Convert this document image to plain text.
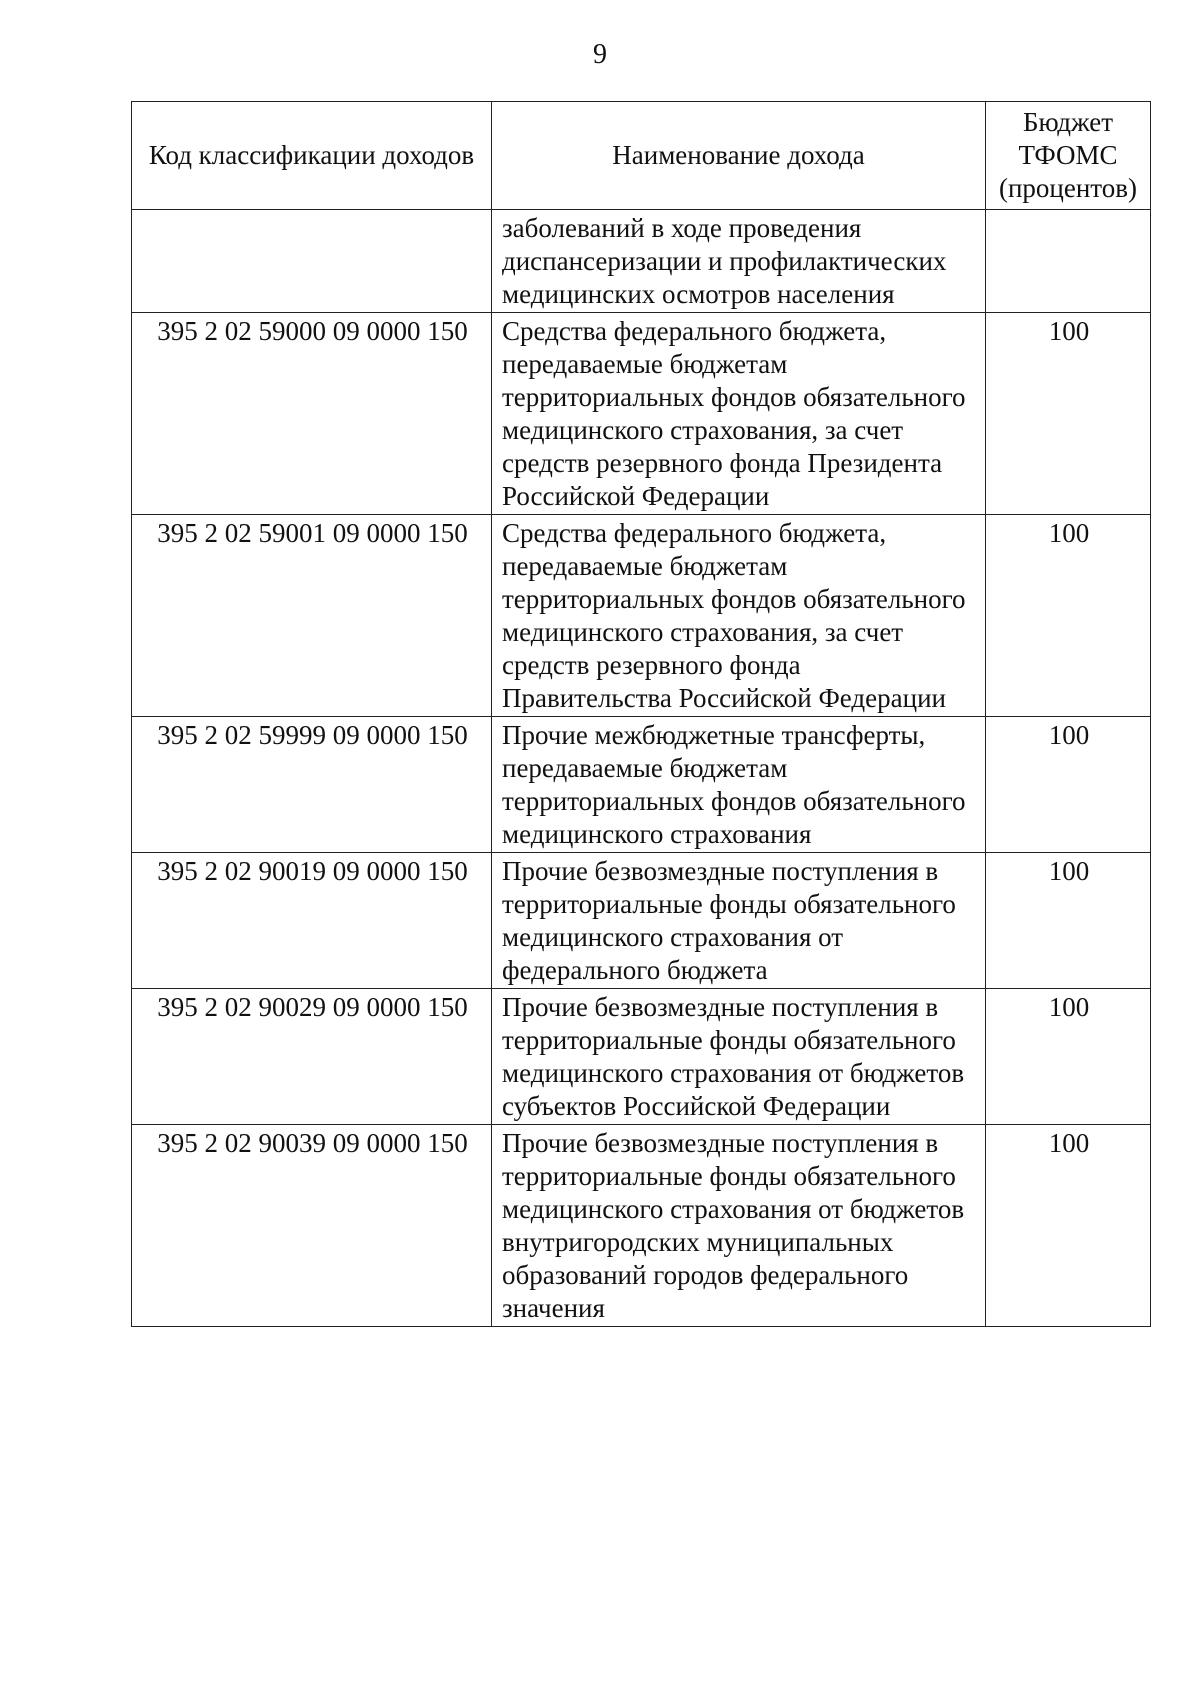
9
Код классификации доходов	Наименование дохода	Бюджет
ТФОМС
(процентов)

	заболеваний в ходе проведения диспансеризации и профилактических медицинских осмотров населения	
395 2 02 59000 09 0000 150	Средства федерального бюджета, передаваемые бюджетам территориальных фондов обязательного медицинского страхования, за счет средств резервного фонда Президента Российской Федерации	100
395 2 02 59001 09 0000 150	Средства федерального бюджета, передаваемые бюджетам территориальных фондов обязательного медицинского страхования, за счет средств резервного фонда Правительства Российской Федерации	100
395 2 02 59999 09 0000 150	Прочие межбюджетные трансферты, передаваемые бюджетам территориальных фондов обязательного медицинского страхования	100
395 2 02 90019 09 0000 150	Прочие безвозмездные поступления в территориальные фонды обязательного медицинского страхования от федерального бюджета	100
395 2 02 90029 09 0000 150	Прочие безвозмездные поступления в территориальные фонды обязательного медицинского страхования от бюджетов субъектов Российской Федерации	100
395 2 02 90039 09 0000 150	Прочие безвозмездные поступления в территориальные фонды обязательного медицинского страхования от бюджетов внутригородских муниципальных образований городов федерального значения	100
